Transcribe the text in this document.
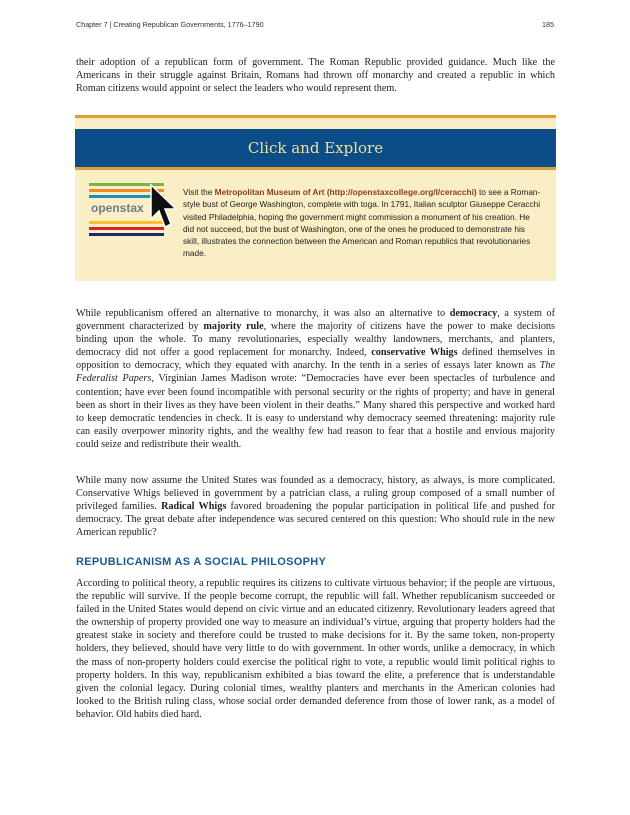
Chapter 7 | Creating Republican Governments, 1776–1790	185

their adoption of a republican form of government. The Roman Republic provided guidance. Much like the Americans in their struggle against Britain, Romans had thrown off monarchy and created a republic in which Roman citizens would appoint or select the leaders who would represent them.

Click and Explore
openstax

Visit the Metropolitan Museum of Art (http://openstaxcollege.org/l/ceracchi) to see a Roman-style bust of George Washington, complete with toga. In 1791, Italian sculptor Giuseppe Ceracchi visited Philadelphia, hoping the government might commission a monument of his creation. He did not succeed, but the bust of Washington, one of the ones he produced to demonstrate his skill, illustrates the connection between the American and Roman republics that revolutionaries made.

While republicanism offered an alternative to monarchy, it was also an alternative to democracy, a system of government characterized by majority rule, where the majority of citizens have the power to make decisions binding upon the whole. To many revolutionaries, especially wealthy landowners, merchants, and planters, democracy did not offer a good replacement for monarchy. Indeed, conservative Whigs defined themselves in opposition to democracy, which they equated with anarchy. In the tenth in a series of essays later known as The Federalist Papers, Virginian James Madison wrote: “Democracies have ever been spectacles of turbulence and contention; have ever been found incompatible with personal security or the rights of property; and have in general been as short in their lives as they have been violent in their deaths.” Many shared this perspective and worked hard to keep democratic tendencies in check. It is easy to understand why democracy seemed threatening: majority rule can easily overpower minority rights, and the wealthy few had reason to fear that a hostile and envious majority could seize and redistribute their wealth.

While many now assume the United States was founded as a democracy, history, as always, is more complicated. Conservative Whigs believed in government by a patrician class, a ruling group composed of a small number of privileged families. Radical Whigs favored broadening the popular participation in political life and pushed for democracy. The great debate after independence was secured centered on this question: Who should rule in the new American republic?

REPUBLICANISM AS A SOCIAL PHILOSOPHY

According to political theory, a republic requires its citizens to cultivate virtuous behavior; if the people are virtuous, the republic will survive. If the people become corrupt, the republic will fall. Whether republicanism succeeded or failed in the United States would depend on civic virtue and an educated citizenry. Revolutionary leaders agreed that the ownership of property provided one way to measure an individual’s virtue, arguing that property holders had the greatest stake in society and therefore could be trusted to make decisions for it. By the same token, non-property holders, they believed, should have very little to do with government. In other words, unlike a democracy, in which the mass of non-property holders could exercise the political right to vote, a republic would limit political rights to property holders. In this way, republicanism exhibited a bias toward the elite, a preference that is understandable given the colonial legacy. During colonial times, wealthy planters and merchants in the American colonies had looked to the British ruling class, whose social order demanded deference from those of lower rank, as a model of behavior. Old habits died hard.
